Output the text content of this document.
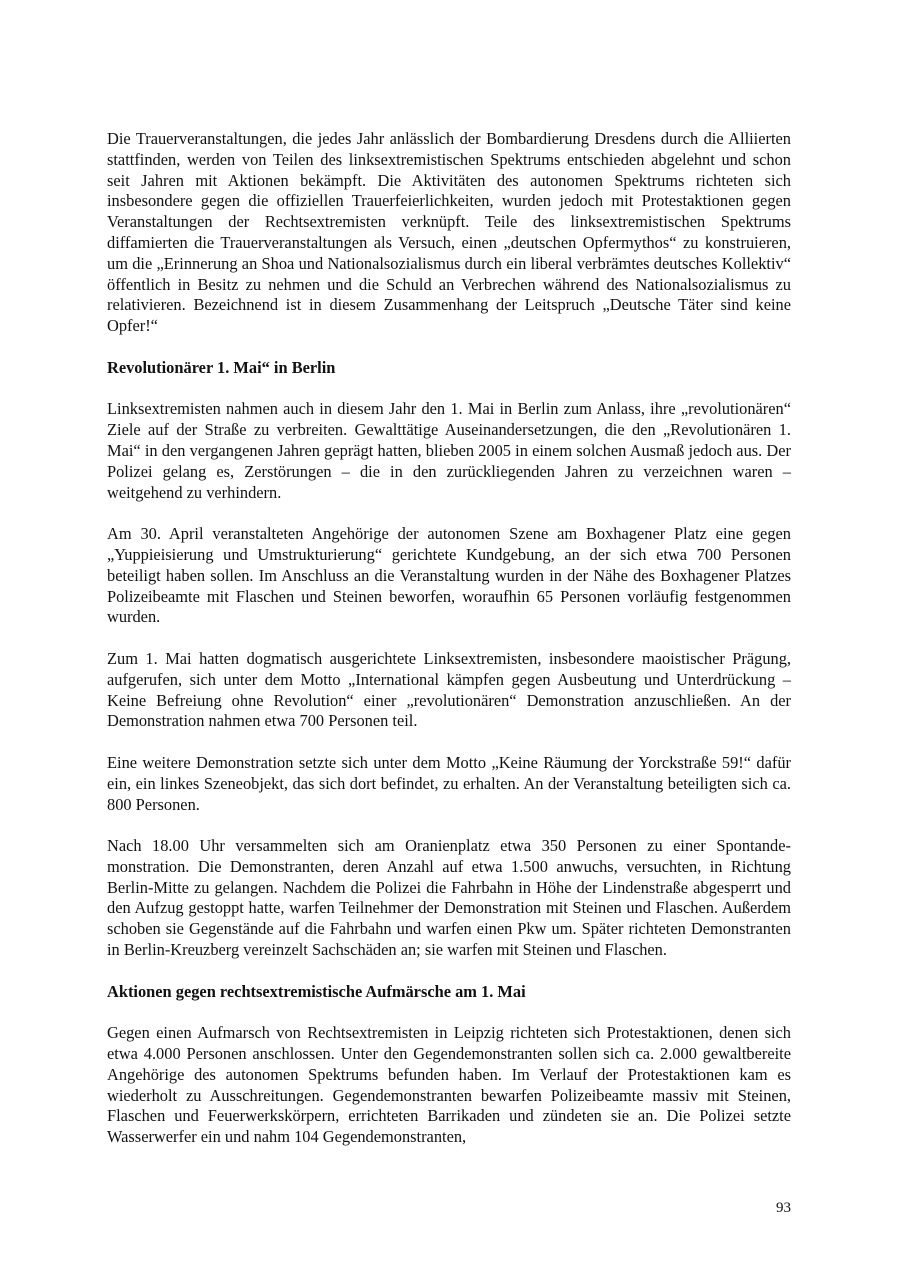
Die Trauerveranstaltungen, die jedes Jahr anlässlich der Bombardierung Dresdens durch die Alliierten stattfinden, werden von Teilen des linksextremistischen Spektrums entschieden abgelehnt und schon seit Jahren mit Aktionen bekämpft. Die Aktivitäten des autonomen Spektrums richteten sich insbesondere gegen die offiziellen Trauerfeierlichkeiten, wurden jedoch mit Protestaktionen gegen Veranstaltungen der Rechtsextremisten verknüpft. Teile des linksextremistischen Spektrums diffamierten die Trauerveranstaltungen als Versuch, einen „deutschen Opfermythos“ zu konstruieren, um die „Erinnerung an Shoa und Nationalsozialismus durch ein liberal verbrämtes deutsches Kollektiv“ öffentlich in Besitz zu nehmen und die Schuld an Verbrechen während des Nationalsozialismus zu relativieren. Bezeichnend ist in diesem Zusammenhang der Leitspruch „Deutsche Täter sind keine Opfer!“

Revolutionärer 1. Mai“ in Berlin

Linksextremisten nahmen auch in diesem Jahr den 1. Mai in Berlin zum Anlass, ihre „revolutionären“ Ziele auf der Straße zu verbreiten. Gewalttätige Auseinandersetzungen, die den „Revolutionären 1. Mai“ in den vergangenen Jahren geprägt hatten, blieben 2005 in einem solchen Ausmaß jedoch aus. Der Polizei gelang es, Zerstörungen – die in den zurückliegenden Jahren zu verzeichnen waren – weitgehend zu verhindern.

Am 30. April veranstalteten Angehörige der autonomen Szene am Boxhagener Platz eine gegen „Yuppieisierung und Umstrukturierung“ gerichtete Kundgebung, an der sich etwa 700 Personen beteiligt haben sollen. Im Anschluss an die Veranstaltung wurden in der Nähe des Boxhagener Platzes Polizeibeamte mit Flaschen und Steinen beworfen, woraufhin 65 Personen vorläufig festgenommen wurden.

Zum 1. Mai hatten dogmatisch ausgerichtete Linksextremisten, insbesondere maoistischer Prägung, aufgerufen, sich unter dem Motto „International kämpfen gegen Ausbeutung und Unterdrückung – Keine Befreiung ohne Revolution“ einer „revolutionären“ Demonstration anzuschließen. An der Demonstration nahmen etwa 700 Personen teil.

Eine weitere Demonstration setzte sich unter dem Motto „Keine Räumung der Yorckstraße 59!“ dafür ein, ein linkes Szeneobjekt, das sich dort befindet, zu erhalten. An der Veranstaltung beteiligten sich ca. 800 Personen.

Nach 18.00 Uhr versammelten sich am Oranienplatz etwa 350 Personen zu einer Spontandemonstration. Die Demonstranten, deren Anzahl auf etwa 1.500 anwuchs, versuchten, in Richtung Berlin-Mitte zu gelangen. Nachdem die Polizei die Fahrbahn in Höhe der Lindenstraße abgesperrt und den Aufzug gestoppt hatte, warfen Teilnehmer der Demonstration mit Steinen und Flaschen. Außerdem schoben sie Gegenstände auf die Fahrbahn und warfen einen Pkw um. Später richteten Demonstranten in Berlin-Kreuzberg vereinzelt Sachschäden an; sie warfen mit Steinen und Flaschen.

Aktionen gegen rechtsextremistische Aufmärsche am 1. Mai

Gegen einen Aufmarsch von Rechtsextremisten in Leipzig richteten sich Protestaktionen, denen sich etwa 4.000 Personen anschlossen. Unter den Gegendemonstranten sollen sich ca. 2.000 gewaltbereite Angehörige des autonomen Spektrums befunden haben. Im Verlauf der Protestaktionen kam es wiederholt zu Ausschreitungen. Gegendemonstranten bewarfen Polizeibeamte massiv mit Steinen, Flaschen und Feuerwerkskörpern, errichteten Barrikaden und zündeten sie an. Die Polizei setzte Wasserwerfer ein und nahm 104 Gegendemonstranten,

93
